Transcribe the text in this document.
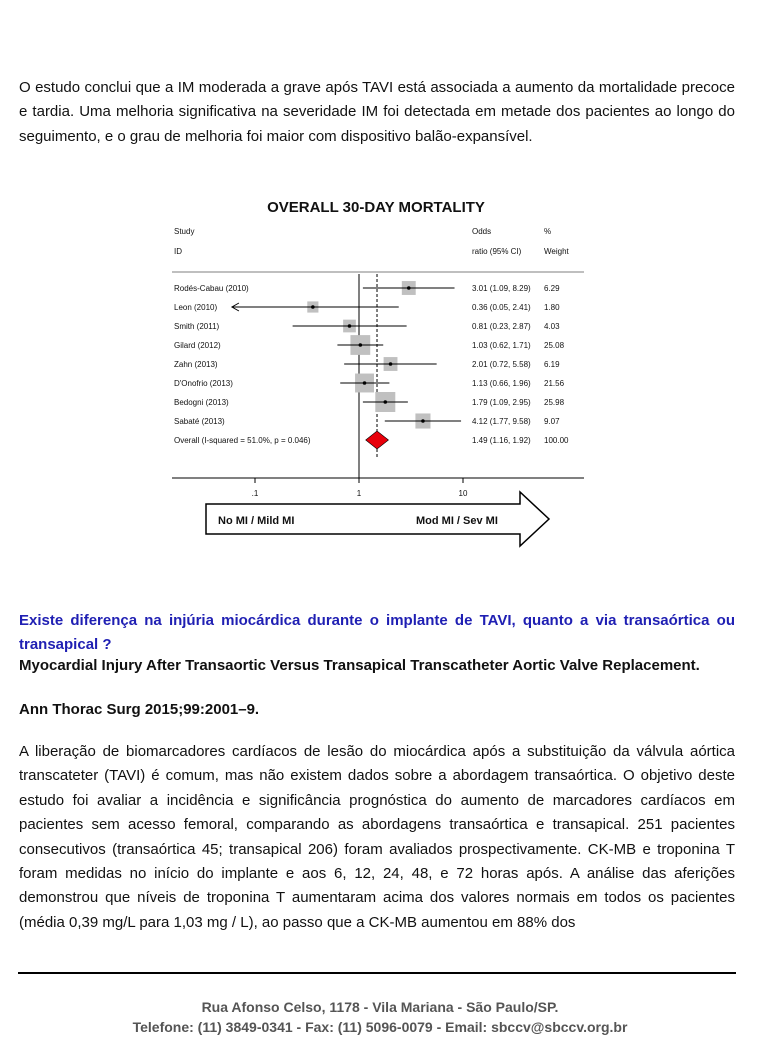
O estudo conclui que a IM moderada a grave após TAVI está associada a aumento da mortalidade precoce e tardia. Uma melhoria significativa na severidade IM foi detectada em metade dos pacientes ao longo do seguimento, e o grau de melhoria foi maior com dispositivo balão-expansível.
OVERALL 30-DAY MORTALITY
Study
ID
Odds
ratio (95% CI)
%
Weight
Rodés-Cabau (2010)	3.01 (1.09, 8.29) 6.29
Leon (2010)	0.36 (0.05, 2.41) 1.80
Smith (2011)	0.81 (0.23, 2.87) 4.03
Gilard (2012)	1.03 (0.62, 1.71) 25.08
Zahn (2013)	2.01 (0.72, 5.58) 6.19
D'Onofrio (2013)	1.13 (0.66, 1.96) 21.56
Bedogni (2013)	1.79 (1.09, 2.95) 25.98
Sabaté (2013)	4.12 (1.77, 9.58) 9.07
Overall (I-squared = 51.0%, p = 0.046)	1.49 (1.16, 1.92) 100.00
.1	1	10
No MI / Mild MI	Mod MI / Sev MI
Existe diferença na injúria miocárdica durante o implante de TAVI, quanto a via transaórtica ou transapical ?
Myocardial Injury After Transaortic Versus Transapical Transcatheter Aortic Valve Replacement.
Ann Thorac Surg 2015;99:2001–9.
A liberação de biomarcadores cardíacos de lesão do miocárdica após a substituição da válvula aórtica transcateter (TAVI) é comum, mas não existem dados sobre a abordagem transaórtica. O objetivo deste estudo foi avaliar a incidência e significância prognóstica do aumento de marcadores cardíacos em pacientes sem acesso femoral, comparando as abordagens transaórtica e transapical. 251 pacientes consecutivos (transaórtica 45; transapical 206) foram avaliados prospectivamente. CK-MB e troponina T foram medidas no início do implante e aos 6, 12, 24, 48, e 72 horas após. A análise das aferições demonstrou que níveis de troponina T aumentaram acima dos valores normais em todos os pacientes (média 0,39 mg/L para 1,03 mg / L), ao passo que a CK-MB aumentou em 88% dos
Rua Afonso Celso, 1178 - Vila Mariana - São Paulo/SP.
Telefone: (11) 3849-0341 - Fax: (11) 5096-0079 - Email: sbccv@sbccv.org.br
